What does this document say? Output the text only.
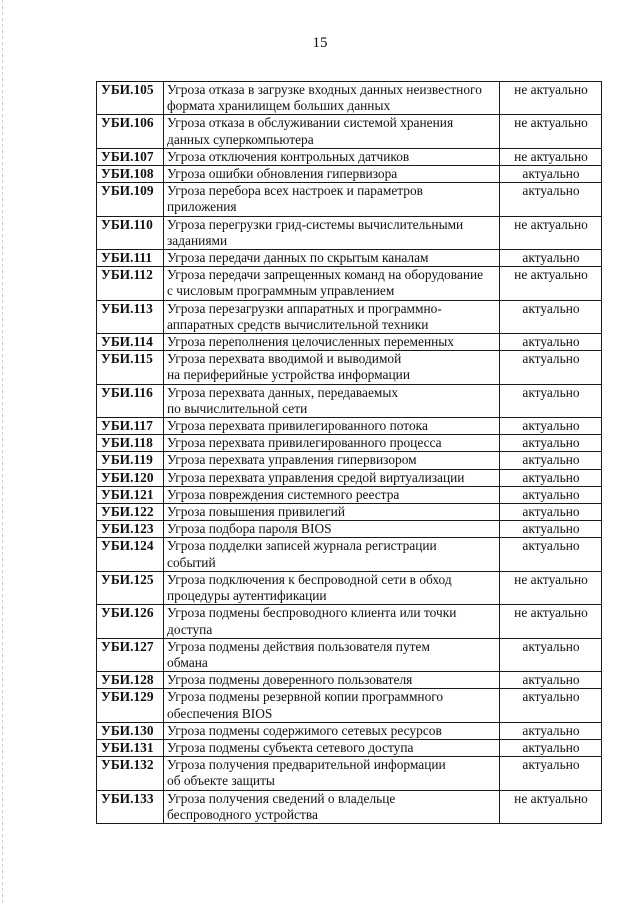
15
УБИ.105	Угроза отказа в загрузке входных данных неизвестного
формата хранилищем больших данных	не актуально
УБИ.106	Угроза отказа в обслуживании системой хранения
данных суперкомпьютера	не актуально
УБИ.107	Угроза отключения контрольных датчиков	не актуально
УБИ.108	Угроза ошибки обновления гипервизора	актуально
УБИ.109	Угроза перебора всех настроек и параметров
приложения	актуально
УБИ.110	Угроза перегрузки грид-системы вычислительными
заданиями	не актуально
УБИ.111	Угроза передачи данных по скрытым каналам	актуально
УБИ.112	Угроза передачи запрещенных команд на оборудование
с числовым программным управлением	не актуально
УБИ.113	Угроза перезагрузки аппаратных и программно-
аппаратных средств вычислительной техники	актуально
УБИ.114	Угроза переполнения целочисленных переменных	актуально
УБИ.115	Угроза перехвата вводимой и выводимой
на периферийные устройства информации	актуально
УБИ.116	Угроза перехвата данных, передаваемых
по вычислительной сети	актуально
УБИ.117	Угроза перехвата привилегированного потока	актуально
УБИ.118	Угроза перехвата привилегированного процесса	актуально
УБИ.119	Угроза перехвата управления гипервизором	актуально
УБИ.120	Угроза перехвата управления средой виртуализации	актуально
УБИ.121	Угроза повреждения системного реестра	актуально
УБИ.122	Угроза повышения привилегий	актуально
УБИ.123	Угроза подбора пароля BIOS	актуально
УБИ.124	Угроза подделки записей журнала регистрации
событий	актуально
УБИ.125	Угроза подключения к беспроводной сети в обход
процедуры аутентификации	не актуально
УБИ.126	Угроза подмены беспроводного клиента или точки
доступа	не актуально
УБИ.127	Угроза подмены действия пользователя путем
обмана	актуально
УБИ.128	Угроза подмены доверенного пользователя	актуально
УБИ.129	Угроза подмены резервной копии программного
обеспечения BIOS	актуально
УБИ.130	Угроза подмены содержимого сетевых ресурсов	актуально
УБИ.131	Угроза подмены субъекта сетевого доступа	актуально
УБИ.132	Угроза получения предварительной информации
об объекте защиты	актуально
УБИ.133	Угроза получения сведений о владельце
беспроводного устройства	не актуально
